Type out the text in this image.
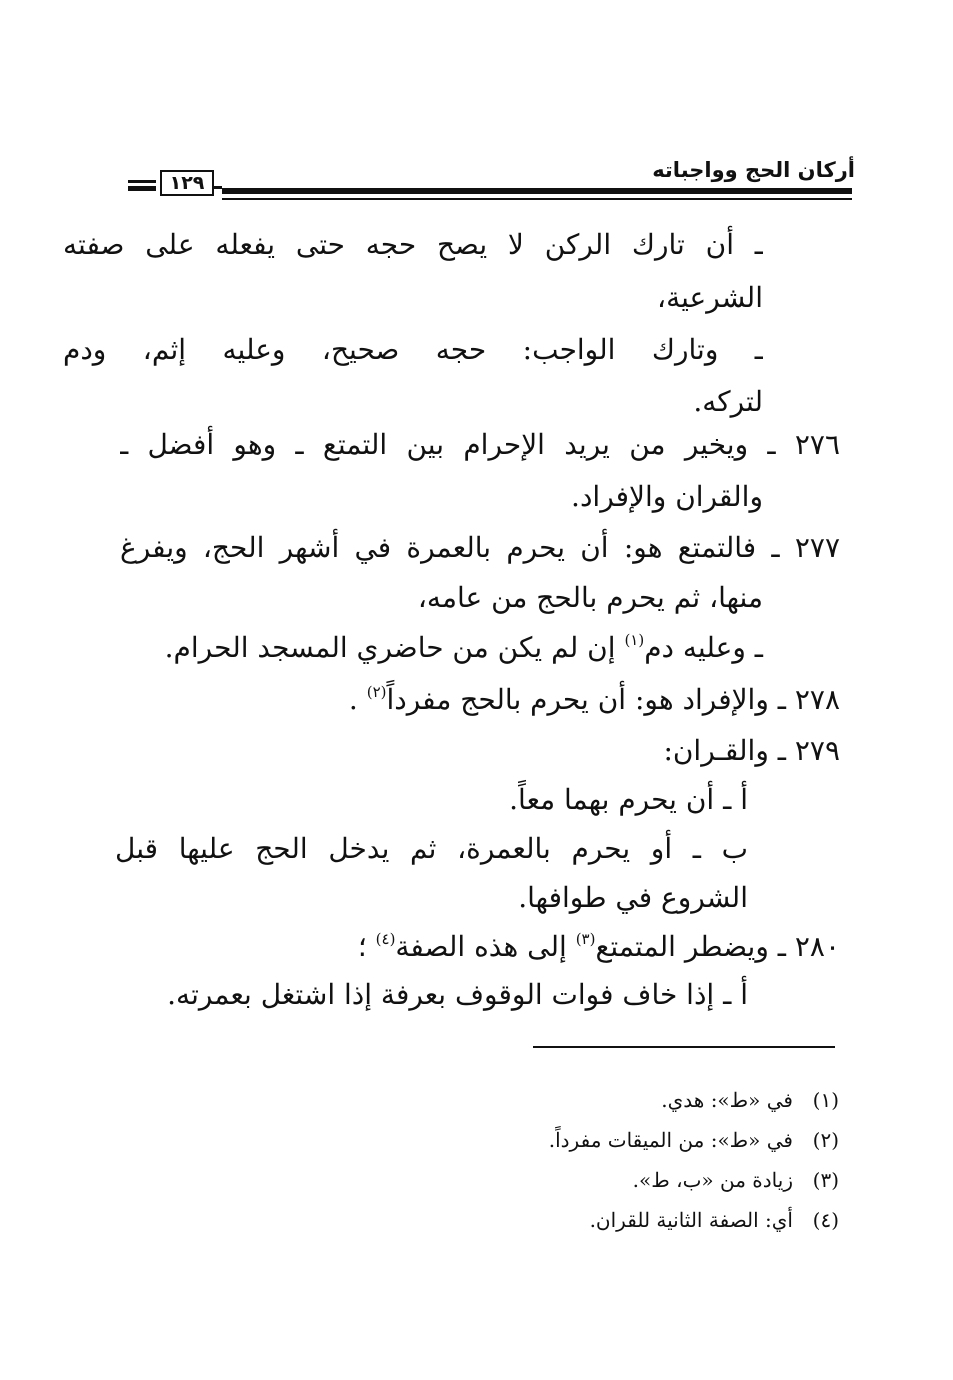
أركان الحج وواجباته
١٢٩
ـ أن تارك الركن لا يصح حجه حتى يفعله على صفته
الشرعية،
ـ وتارك الواجب: حجه صحيح، وعليه إثم، ودم
لتركه.
٢٧٦ ـ ويخير من يريد الإحرام بين التمتع ـ وهو أفضل ـ
والقران والإفراد.
٢٧٧ ـ فالتمتع هو: أن يحرم بالعمرة في أشهر الحج، ويفرغ
منها، ثم يحرم بالحج من عامه،
ـ وعليه دم$^{(١)}$ إن لم يكن من حاضري المسجد الحرام.
٢٧٨ ـ والإفراد هو: أن يحرم بالحج مفرداً$^{(٢)}$ .
٢٧٩ ـ والقـران:
أ ـ أن يحرم بهما معاً.
ب ـ أو يحرم بالعمرة، ثم يدخل الحج عليها قبل
الشروع في طوافها.
٢٨٠ ـ ويضطر المتمتع$^{(٣)}$ إلى هذه الصفة$^{(٤)}$ ؛
أ ـ إذا خاف فوات الوقوف بعرفة إذا اشتغل بعمرته.
(١)في «ط»: هدي.
(٢)في «ط»: من الميقات مفرداً.
(٣)زيادة من «ب، ط».
(٤)أي: الصفة الثانية للقران.
